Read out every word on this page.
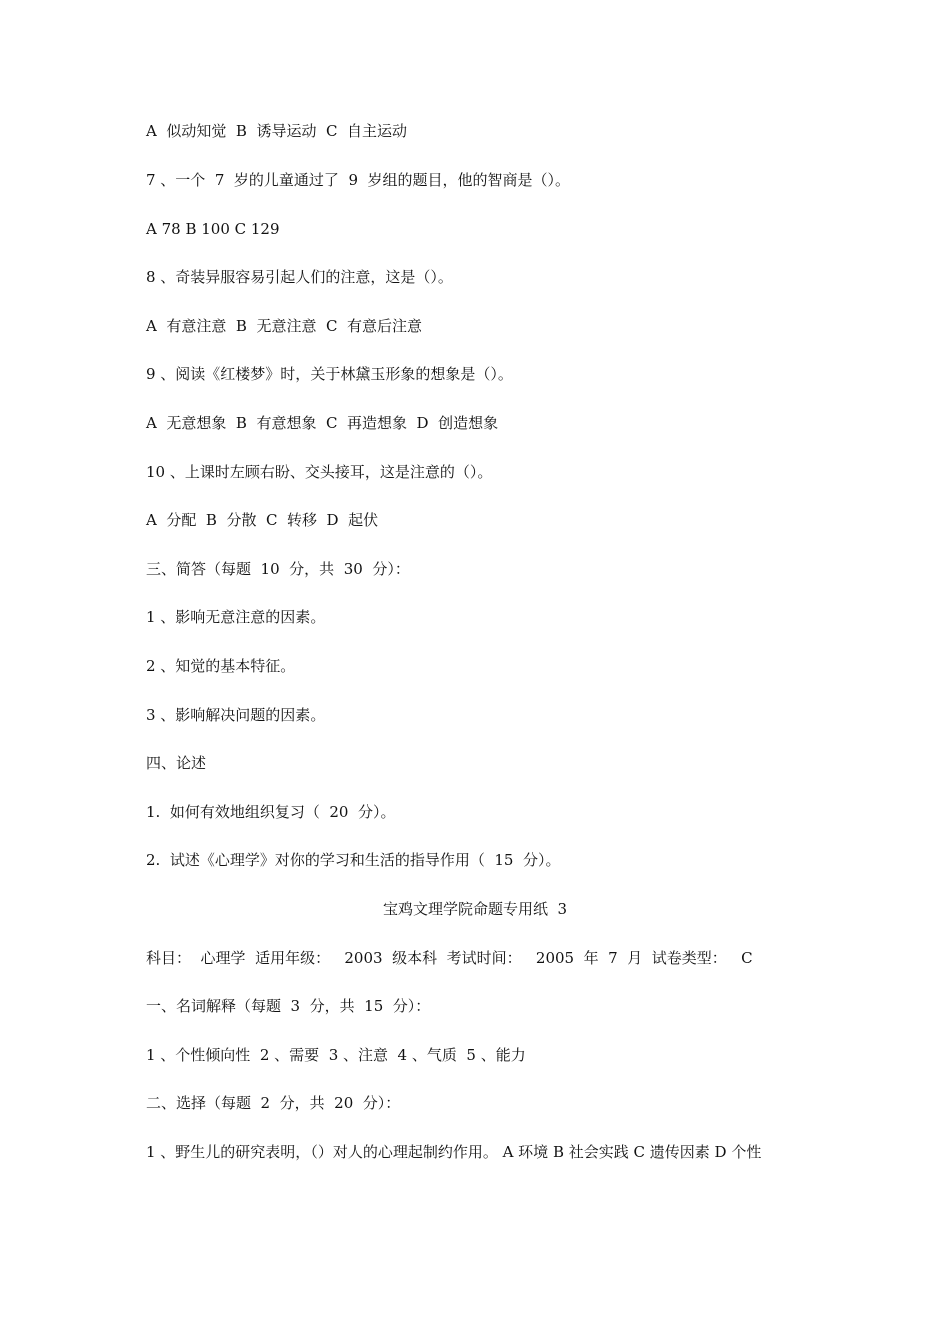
A  似动知觉  B  诱导运动  C  自主运动
7 、一个  7  岁的儿童通过了  9  岁组的题目，他的智商是（）。
A 78 B 100 C 129
8 、奇装异服容易引起人们的注意，这是（）。
A  有意注意  B  无意注意  C  有意后注意
9 、阅读《红楼梦》时，关于林黛玉形象的想象是（）。
A  无意想象  B  有意想象  C  再造想象  D  创造想象
10 、上课时左顾右盼、交头接耳，这是注意的（）。
A  分配  B  分散  C  转移  D  起伏
三、简答（每题  10  分，共  30  分）：
1 、影响无意注意的因素。
2 、知觉的基本特征。
3 、影响解决问题的因素。
四、论述
1.  如何有效地组织复习（  20  分）。
2.  试述《心理学》对你的学习和生活的指导作用（  15  分）。
宝鸡文理学院命题专用纸  3
科目：  心理学  适用年级：   2003  级本科  考试时间：   2005  年  7  月  试卷类型：   C
一、名词解释（每题  3  分，共  15  分）：
1 、个性倾向性  2 、需要  3 、注意  4 、气质  5 、能力
二、选择（每题  2  分，共  20  分）：
1 、野生儿的研究表明，（）对人的心理起制约作用。 A 环境 B 社会实践 C 遗传因素 D 个性
